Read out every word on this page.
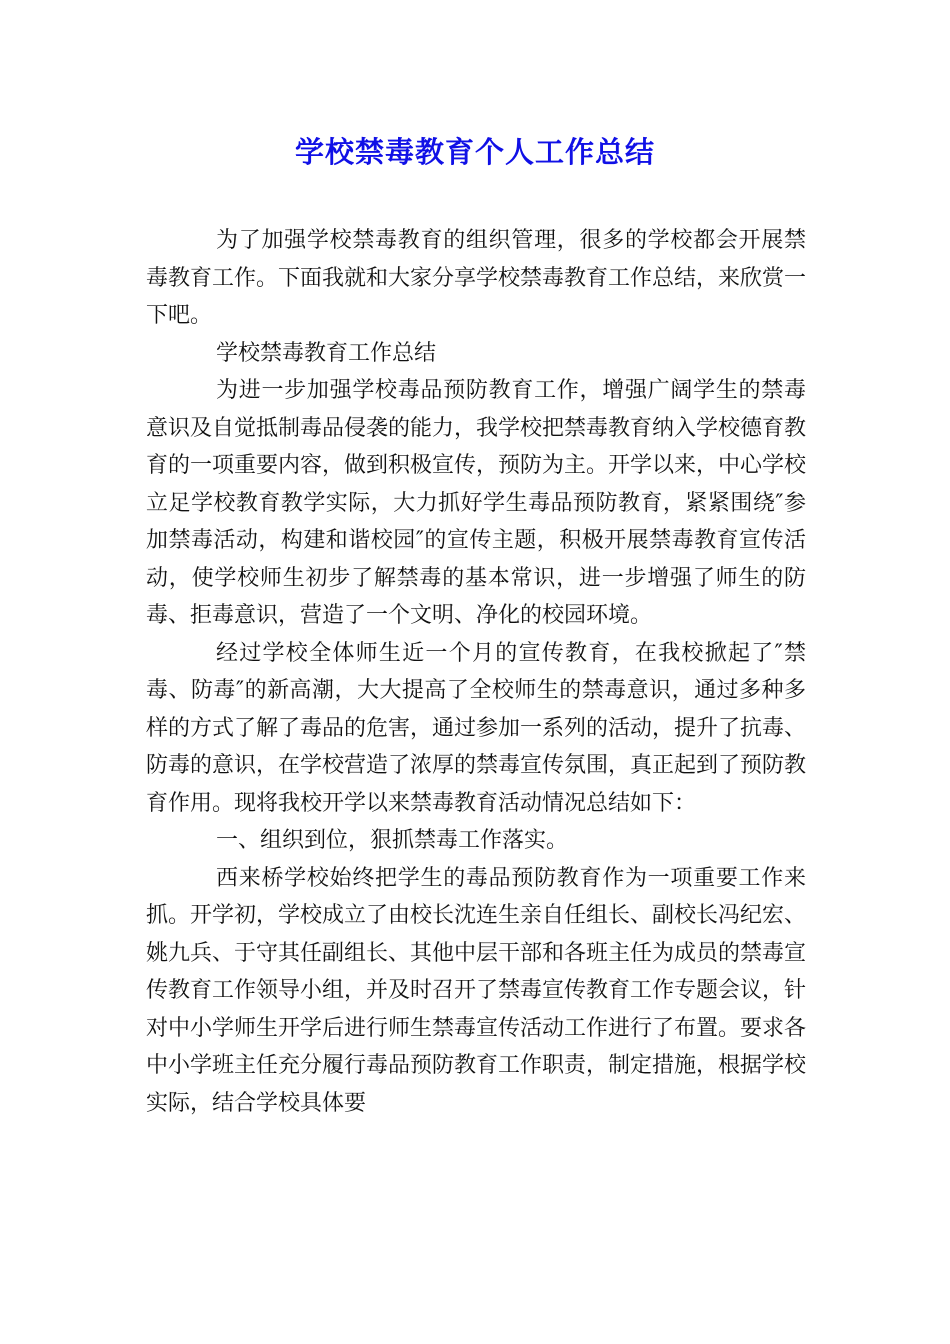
学校禁毒教育个人工作总结

为了加强学校禁毒教育的组织管理，很多的学校都会开展禁毒教育工作。下面我就和大家分享学校禁毒教育工作总结，来欣赏一下吧。

学校禁毒教育工作总结

为进一步加强学校毒品预防教育工作，增强广阔学生的禁毒意识及自觉抵制毒品侵袭的能力，我学校把禁毒教育纳入学校德育教育的一项重要内容，做到积极宣传，预防为主。开学以来，中心学校立足学校教育教学实际，大力抓好学生毒品预防教育，紧紧围绕″参加禁毒活动，构建和谐校园″的宣传主题，积极开展禁毒教育宣传活动，使学校师生初步了解禁毒的基本常识，进一步增强了师生的防毒、拒毒意识，营造了一个文明、净化的校园环境。

经过学校全体师生近一个月的宣传教育，在我校掀起了″禁毒、防毒″的新高潮，大大提高了全校师生的禁毒意识，通过多种多样的方式了解了毒品的危害，通过参加一系列的活动，提升了抗毒、防毒的意识，在学校营造了浓厚的禁毒宣传氛围，真正起到了预防教育作用。现将我校开学以来禁毒教育活动情况总结如下：

一、组织到位，狠抓禁毒工作落实。

西来桥学校始终把学生的毒品预防教育作为一项重要工作来抓。开学初，学校成立了由校长沈连生亲自任组长、副校长冯纪宏、姚九兵、于守其任副组长、其他中层干部和各班主任为成员的禁毒宣传教育工作领导小组，并及时召开了禁毒宣传教育工作专题会议，针对中小学师生开学后进行师生禁毒宣传活动工作进行了布置。要求各中小学班主任充分履行毒品预防教育工作职责，制定措施，根据学校实际，结合学校具体要
